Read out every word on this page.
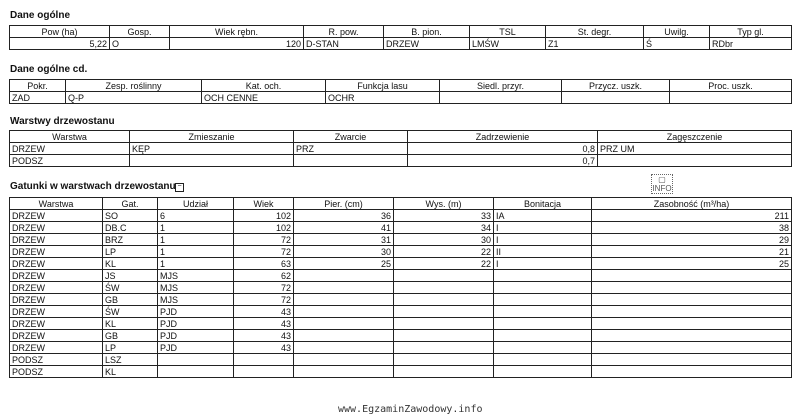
Dane ogólne
Pow (ha)	Gosp.	Wiek rębn.	R. pow.	B. pion.	TSL	St. degr.	Uwilg.	Typ gl.
5,22	O	120	D-STAN	DRZEW	LMŚW	Z1	Ś	RDbr
Dane ogólne cd.
Pokr.	Zesp. roślinny	Kat. och.	Funkcja lasu	Siedl. przyr.	Przycz. uszk.	Proc. uszk.
ZAD	Q-P	OCH CENNE	OCHR			
Warstwy drzewostanu
Warstwa	Zmieszanie	Zwarcie	Zadrzewienie	Zagęszczenie
DRZEW	KĘP	PRZ	0,8	PRZ UM
PODSZ			0,7	
▢
INFO
Gatunki w warstwach drzewostanu −
Warstwa	Gat.	Udział	Wiek	Pier. (cm)	Wys. (m)	Bonitacja	Zasobność (m³/ha)
DRZEW	SO	6	102	36	33	IA	211
DRZEW	DB.C	1	102	41	34	I	38
DRZEW	BRZ	1	72	31	30	I	29
DRZEW	LP	1	72	30	22	II	21
DRZEW	KL	1	63	25	22	I	25
DRZEW	JS	MJS	62				
DRZEW	ŚW	MJS	72				
DRZEW	GB	MJS	72				
DRZEW	ŚW	PJD	43				
DRZEW	KL	PJD	43				
DRZEW	GB	PJD	43				
DRZEW	LP	PJD	43				
PODSZ	LSZ						
PODSZ	KL						
www.EgzaminZawodowy.info
